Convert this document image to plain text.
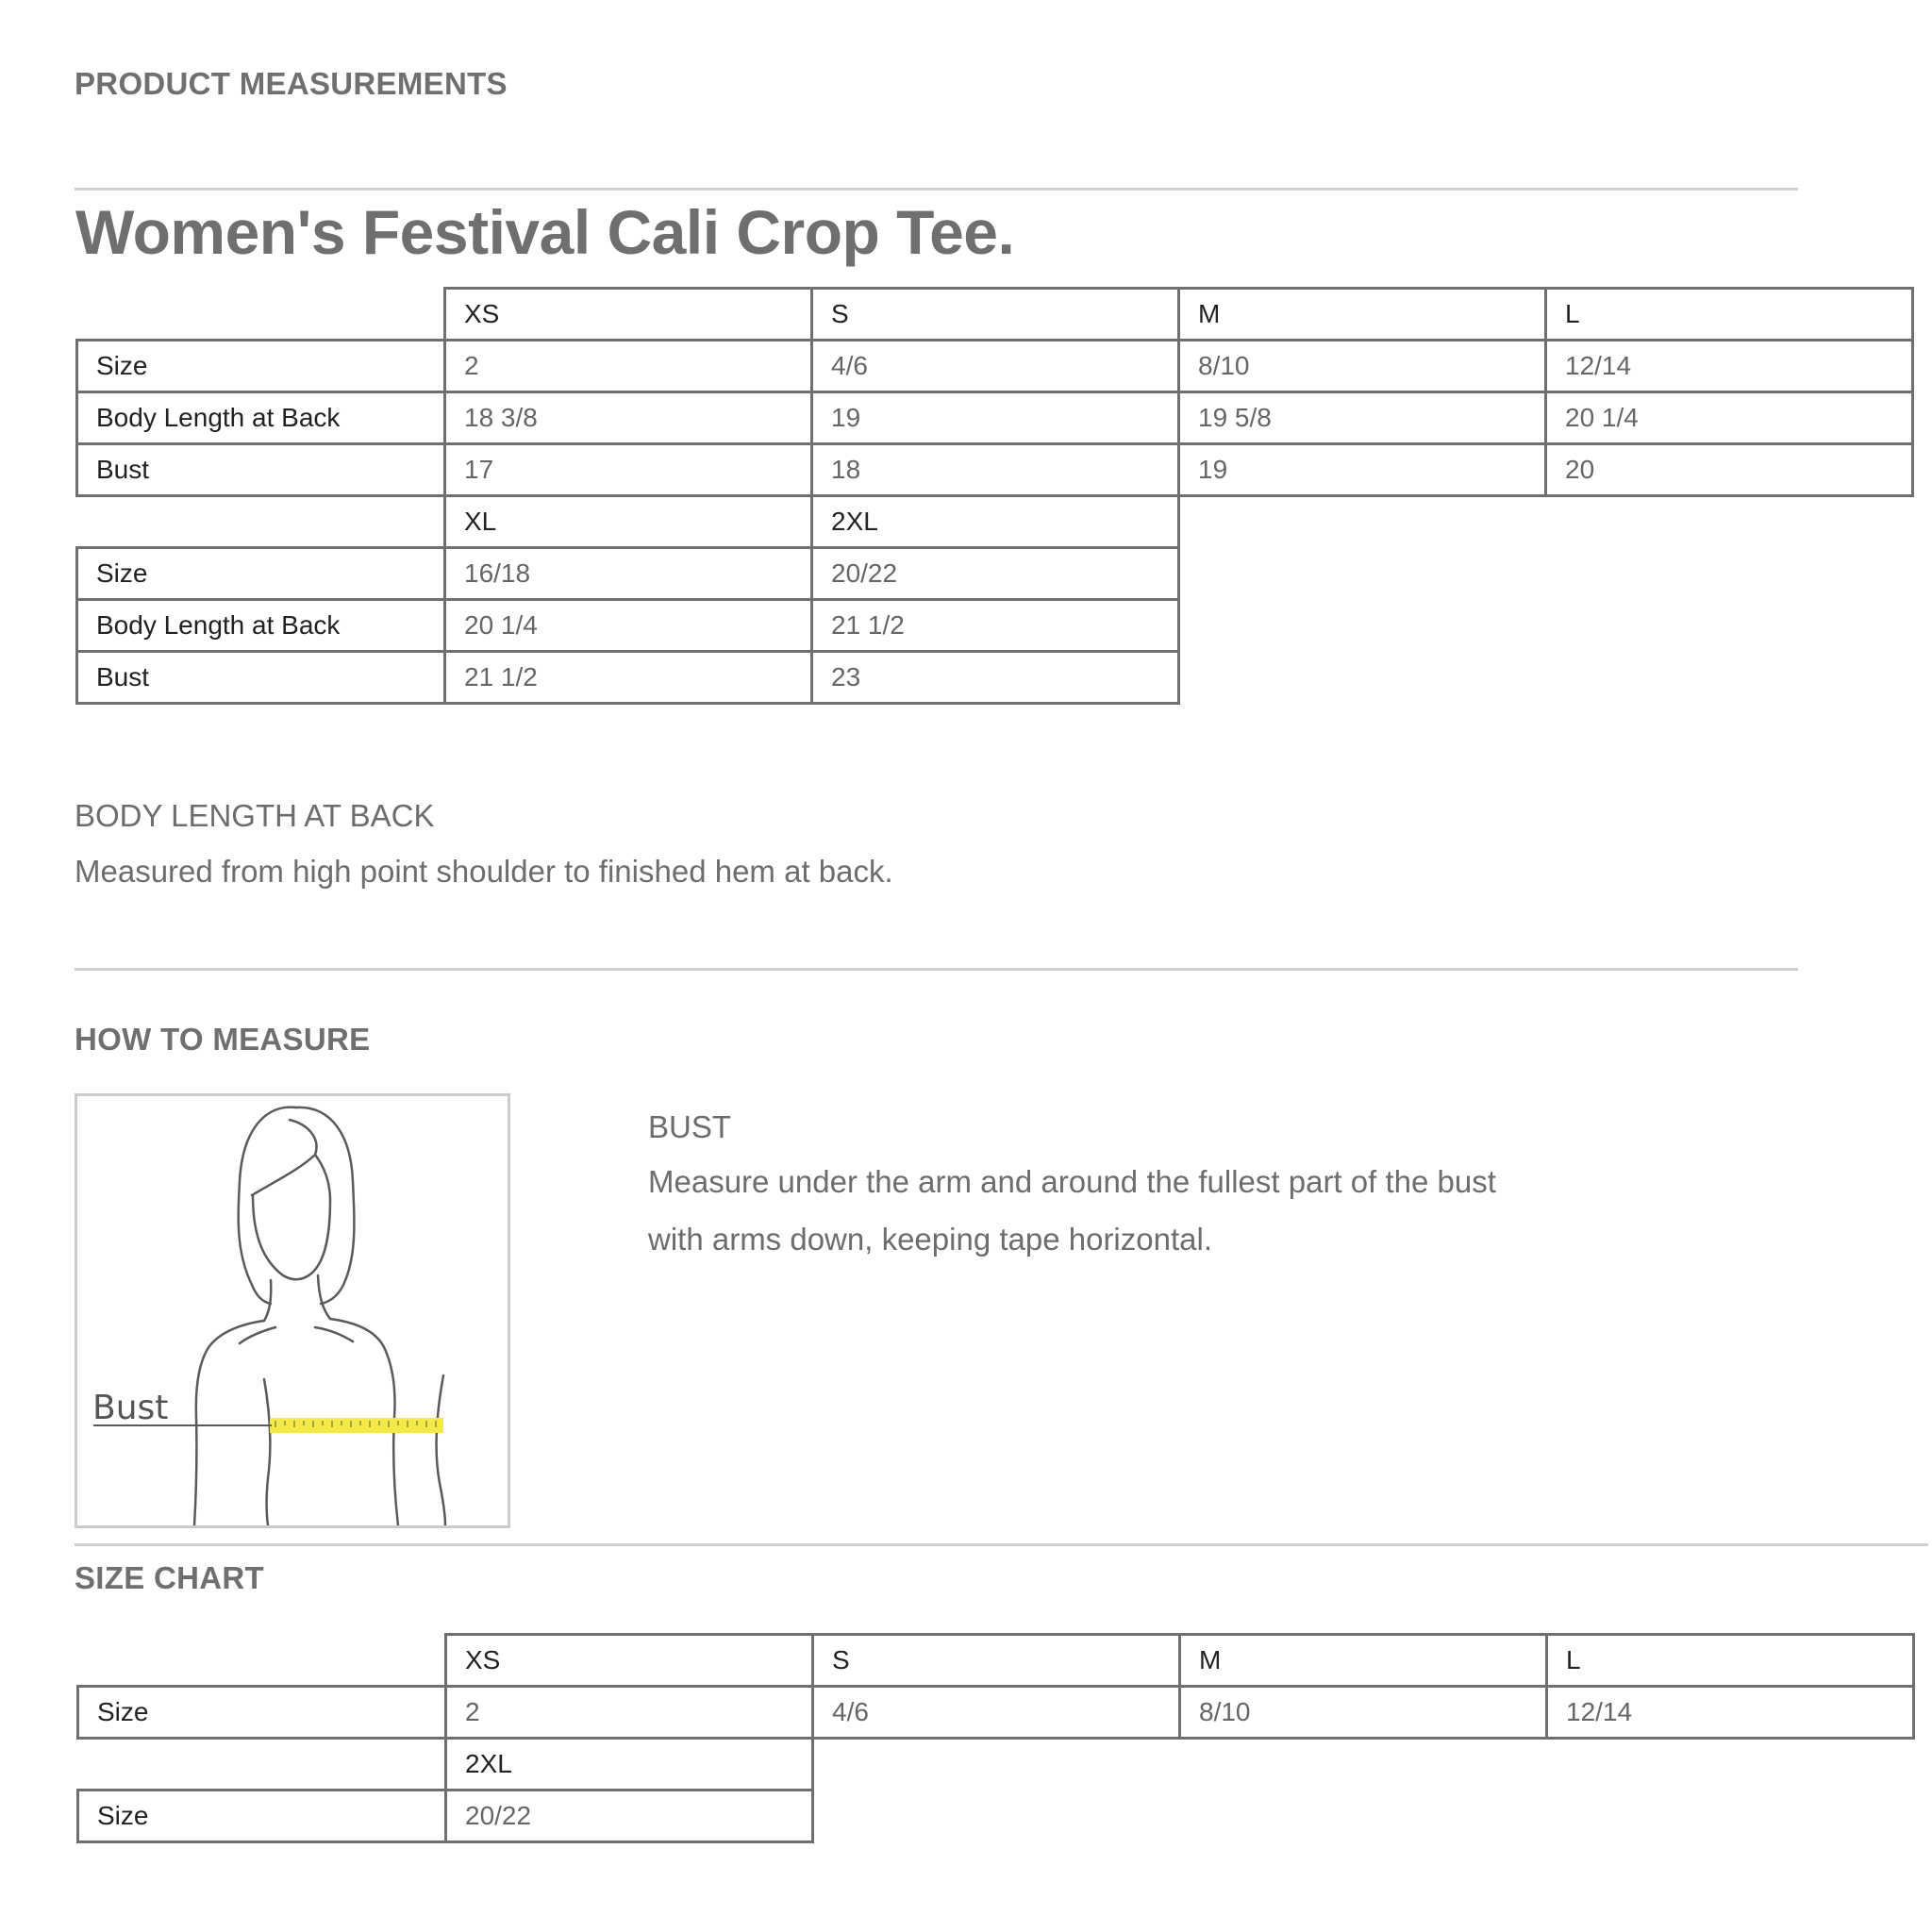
PRODUCT MEASUREMENTS
Women's Festival Cali Crop Tee.
XS	S	M	L
Size	2	4/6	8/10	12/14
Body Length at Back	18 3/8	19	19 5/8	20 1/4
Bust	17	18	19	20
XL	2XL
Size	16/18	20/22
Body Length at Back	20 1/4	21 1/2
Bust	21 1/2	23
BODY LENGTH AT BACK
Measured from high point shoulder to finished hem at back.
HOW TO MEASURE
Bust
BUST
Measure under the arm and around the fullest part of the bust
with arms down, keeping tape horizontal.
SIZE CHART
XS	S	M	L
Size	2	4/6	8/10	12/14
2XL
Size	20/22
